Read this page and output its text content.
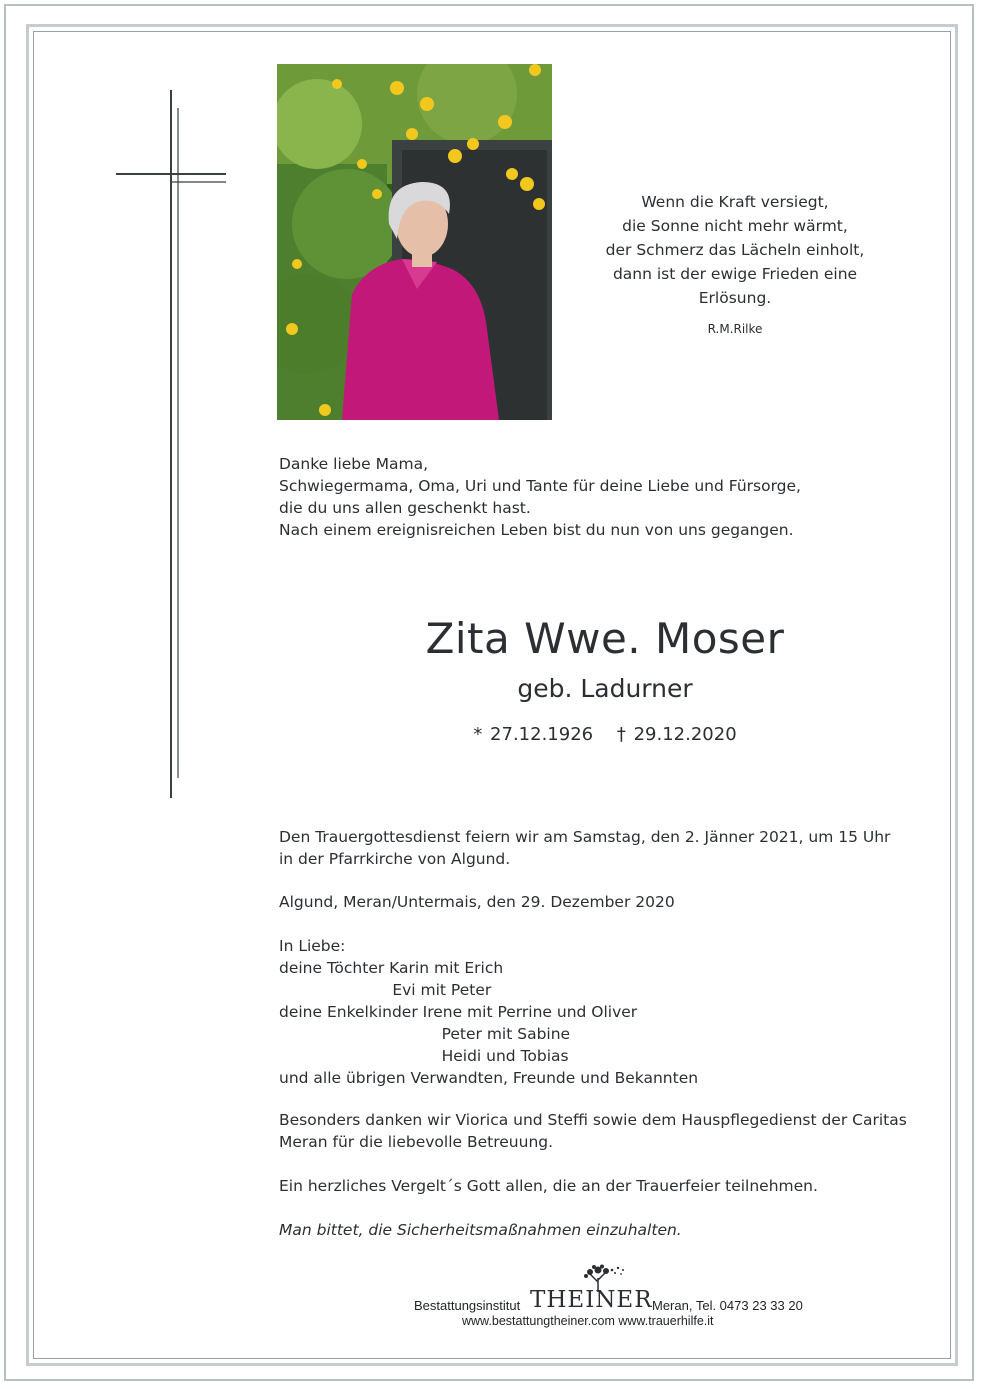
Wenn die Kraft versiegt,

die Sonne nicht mehr wärmt,

der Schmerz das Lächeln einholt,

dann ist der ewige Frieden eine

Erlösung.

R.M.Rilke

Danke liebe Mama,

Schwiegermama, Oma, Uri und Tante für deine Liebe und Fürsorge,

die du uns allen geschenkt hast.

Nach einem ereignisreichen Leben bist du nun von uns gegangen.

Zita Wwe. Moser
geb. Ladurner
* 27.12.1926 † 29.12.2020

Den Trauergottesdienst feiern wir am Samstag, den 2. Jänner 2021, um 15 Uhr

in der Pfarrkirche von Algund.

Algund, Meran/Untermais, den 29. Dezember 2020

In Liebe:

deine Töchter Karin mit Erich

Evi mit Peter

deine Enkelkinder Irene mit Perrine und Oliver

Peter mit Sabine

Heidi und Tobias

und alle übrigen Verwandten, Freunde und Bekannten

Besonders danken wir Viorica und Steffi sowie dem Hauspflegedienst der Caritas

Meran für die liebevolle Betreuung.

Ein herzliches Vergelt´s Gott allen, die an der Trauerfeier teilnehmen.

Man bittet, die Sicherheitsmaßnahmen einzuhalten.

Bestattungsinstitut THEINER Meran, Tel. 0473 23 33 20
www.bestattungtheiner.com www.trauerhilfe.it
